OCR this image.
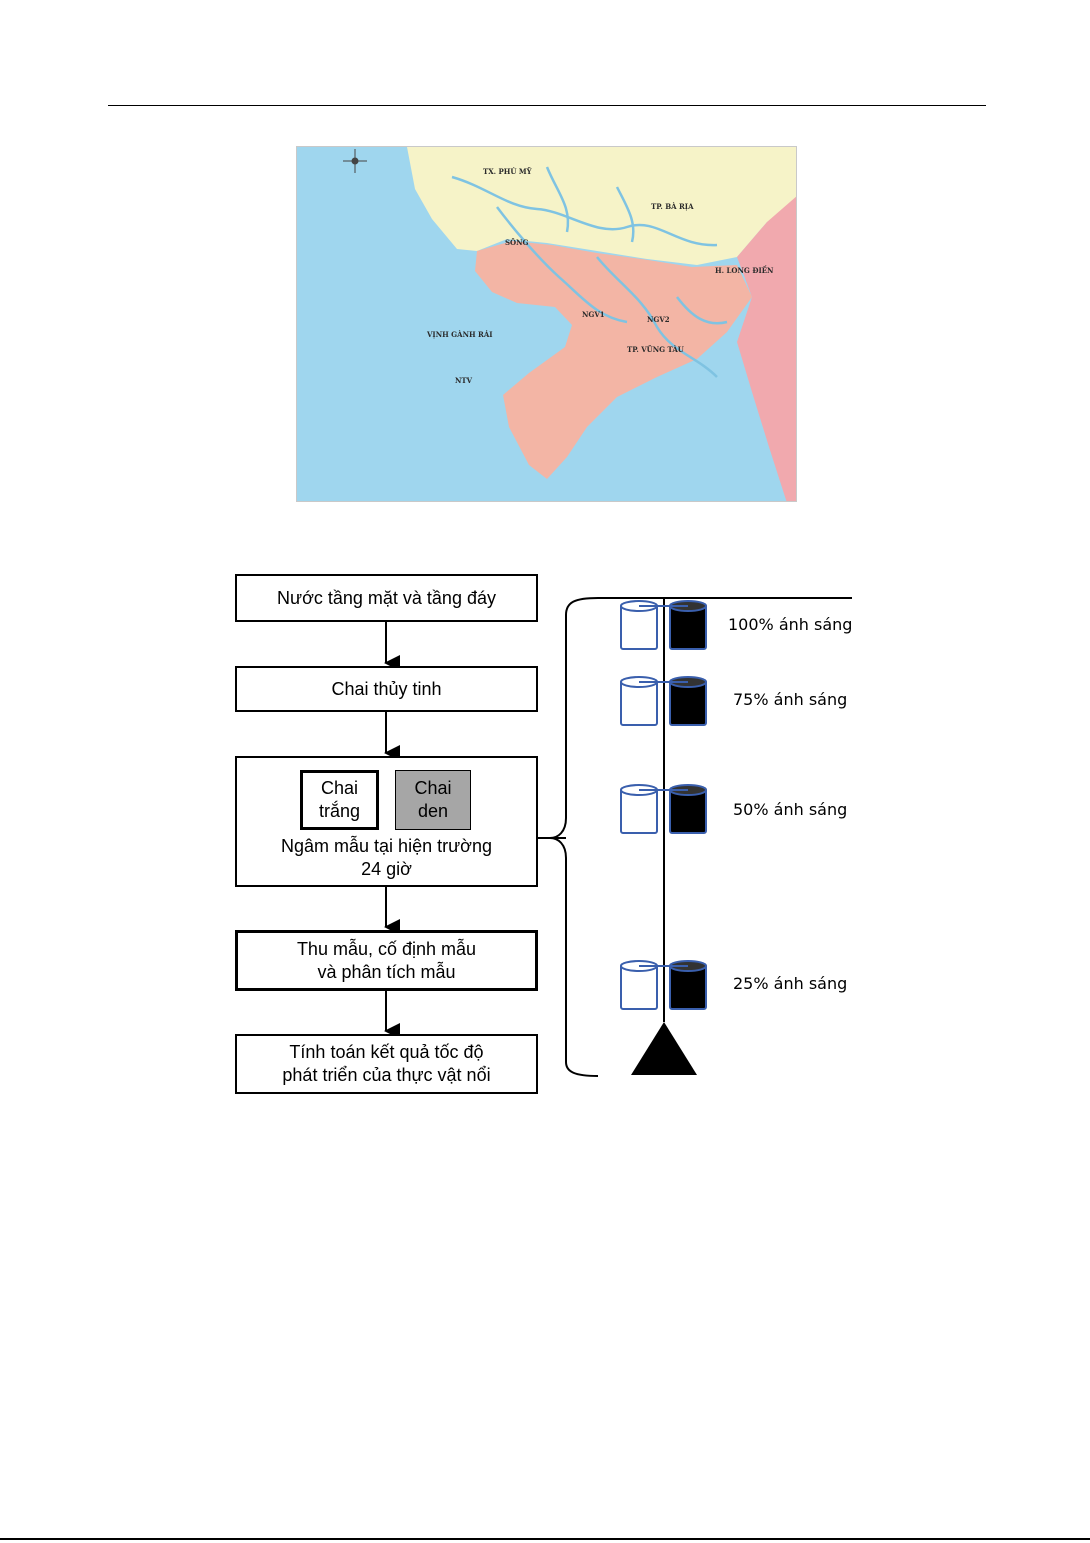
TX. PHÚ MỸ
TP. BÀ RỊA
H. LONG ĐIỀN
VỊNH GÀNH RÁI
NTV
NGV1
NGV2
TP. VŨNG TÀU
SÔNG
Nước tầng mặt và tầng đáy
Chai thủy tinh
Ngâm mẫu tại hiện trường
24 giờ
Chai
trắng
Chai
den
Thu mẫu, cố định mẫu
và phân tích mẫu
Tính toán kết quả tốc độ
phát triển của thực vật nổi
100% ánh sáng
75% ánh sáng
50% ánh sáng
25% ánh sáng
